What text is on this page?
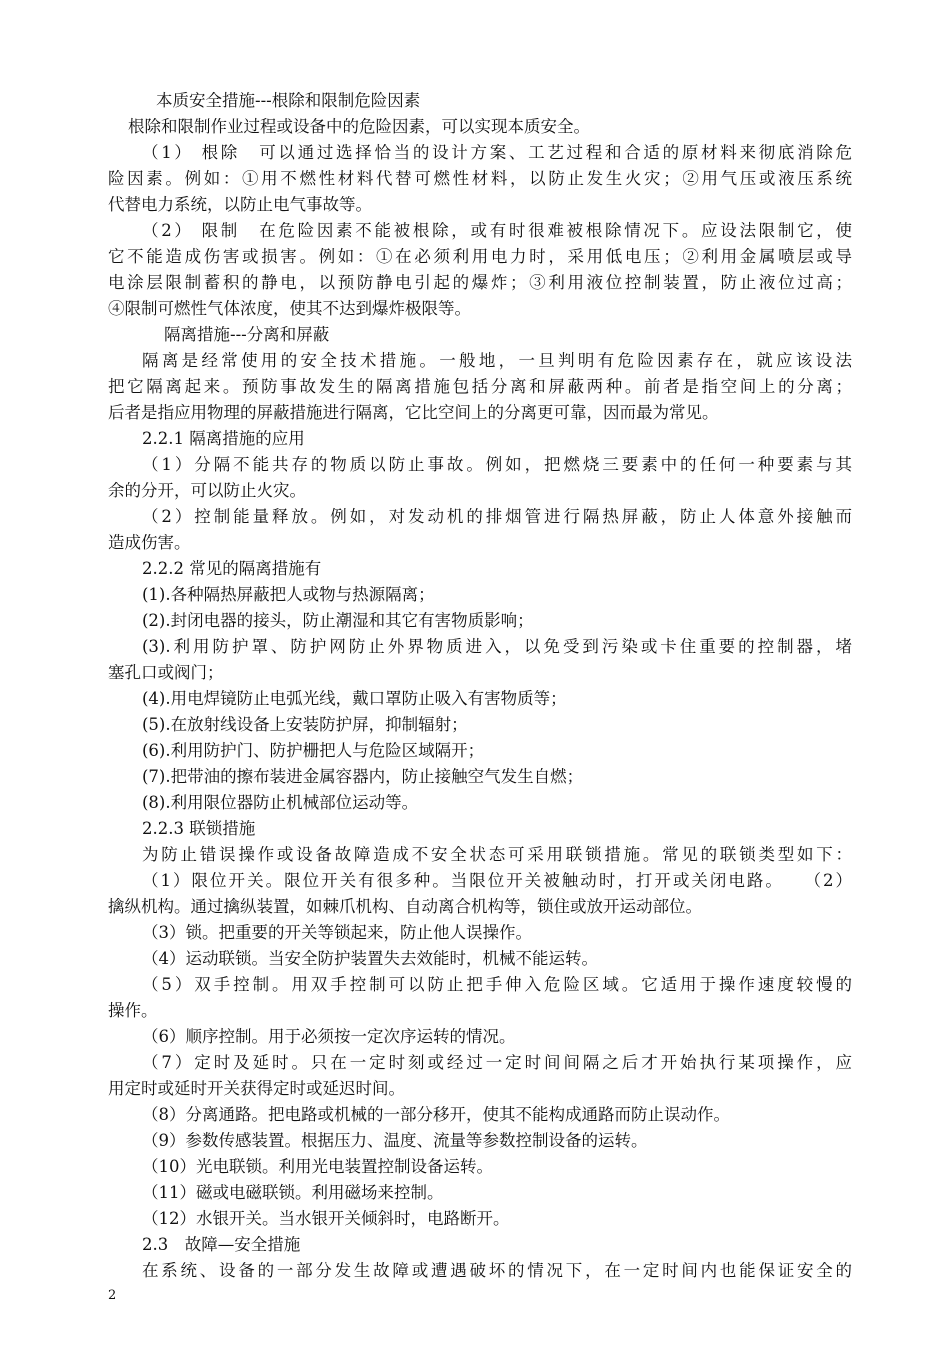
本质安全措施---根除和限制危险因素
根除和限制作业过程或设备中的危险因素，可以实现本质安全。
（1） 根除　可以通过选择恰当的设计方案、工艺过程和合适的原材料来彻底消除危
险因素。例如：①用不燃性材料代替可燃性材料，以防止发生火灾；②用气压或液压系统
代替电力系统，以防止电气事故等。
（2） 限制　在危险因素不能被根除，或有时很难被根除情况下。应设法限制它，使
它不能造成伤害或损害。例如：①在必须利用电力时，采用低电压；②利用金属喷层或导
电涂层限制蓄积的静电，以预防静电引起的爆炸；③利用液位控制装置，防止液位过高；
④限制可燃性气体浓度，使其不达到爆炸极限等。
隔离措施---分离和屏蔽
隔离是经常使用的安全技术措施。一般地，一旦判明有危险因素存在，就应该设法
把它隔离起来。预防事故发生的隔离措施包括分离和屏蔽两种。前者是指空间上的分离；
后者是指应用物理的屏蔽措施进行隔离，它比空间上的分离更可靠，因而最为常见。
2.2.1 隔离措施的应用
（1）分隔不能共存的物质以防止事故。例如，把燃烧三要素中的任何一种要素与其
余的分开，可以防止火灾。
（2）控制能量释放。例如，对发动机的排烟管进行隔热屏蔽，防止人体意外接触而
造成伤害。
2.2.2 常见的隔离措施有
(1).各种隔热屏蔽把人或物与热源隔离；
(2).封闭电器的接头，防止潮湿和其它有害物质影响；
(3).利用防护罩、防护网防止外界物质进入，以免受到污染或卡住重要的控制器，堵
塞孔口或阀门；
(4).用电焊镜防止电弧光线，戴口罩防止吸入有害物质等；
(5).在放射线设备上安装防护屏，抑制辐射；
(6).利用防护门、防护栅把人与危险区域隔开；
(7).把带油的擦布装进金属容器内，防止接触空气发生自燃；
(8).利用限位器防止机械部位运动等。
2.2.3 联锁措施
为防止错误操作或设备故障造成不安全状态可采用联锁措施。常见的联锁类型如下：
（1）限位开关。限位开关有很多种。当限位开关被触动时，打开或关闭电路。　　（2）
擒纵机构。通过擒纵装置，如棘爪机构、自动离合机构等，锁住或放开运动部位。
（3）锁。把重要的开关等锁起来，防止他人误操作。
（4）运动联锁。当安全防护装置失去效能时，机械不能运转。
（5）双手控制。用双手控制可以防止把手伸入危险区域。它适用于操作速度较慢的
操作。
（6）顺序控制。用于必须按一定次序运转的情况。
（7）定时及延时。只在一定时刻或经过一定时间间隔之后才开始执行某项操作，应
用定时或延时开关获得定时或延迟时间。
（8）分离通路。把电路或机械的一部分移开，使其不能构成通路而防止误动作。
（9）参数传感装置。根据压力、温度、流量等参数控制设备的运转。
（10）光电联锁。利用光电装置控制设备运转。
（11）磁或电磁联锁。利用磁场来控制。
（12）水银开关。当水银开关倾斜时，电路断开。
2.3　故障—安全措施
在系统、设备的一部分发生故障或遭遇破坏的情况下，在一定时间内也能保证安全的
2
